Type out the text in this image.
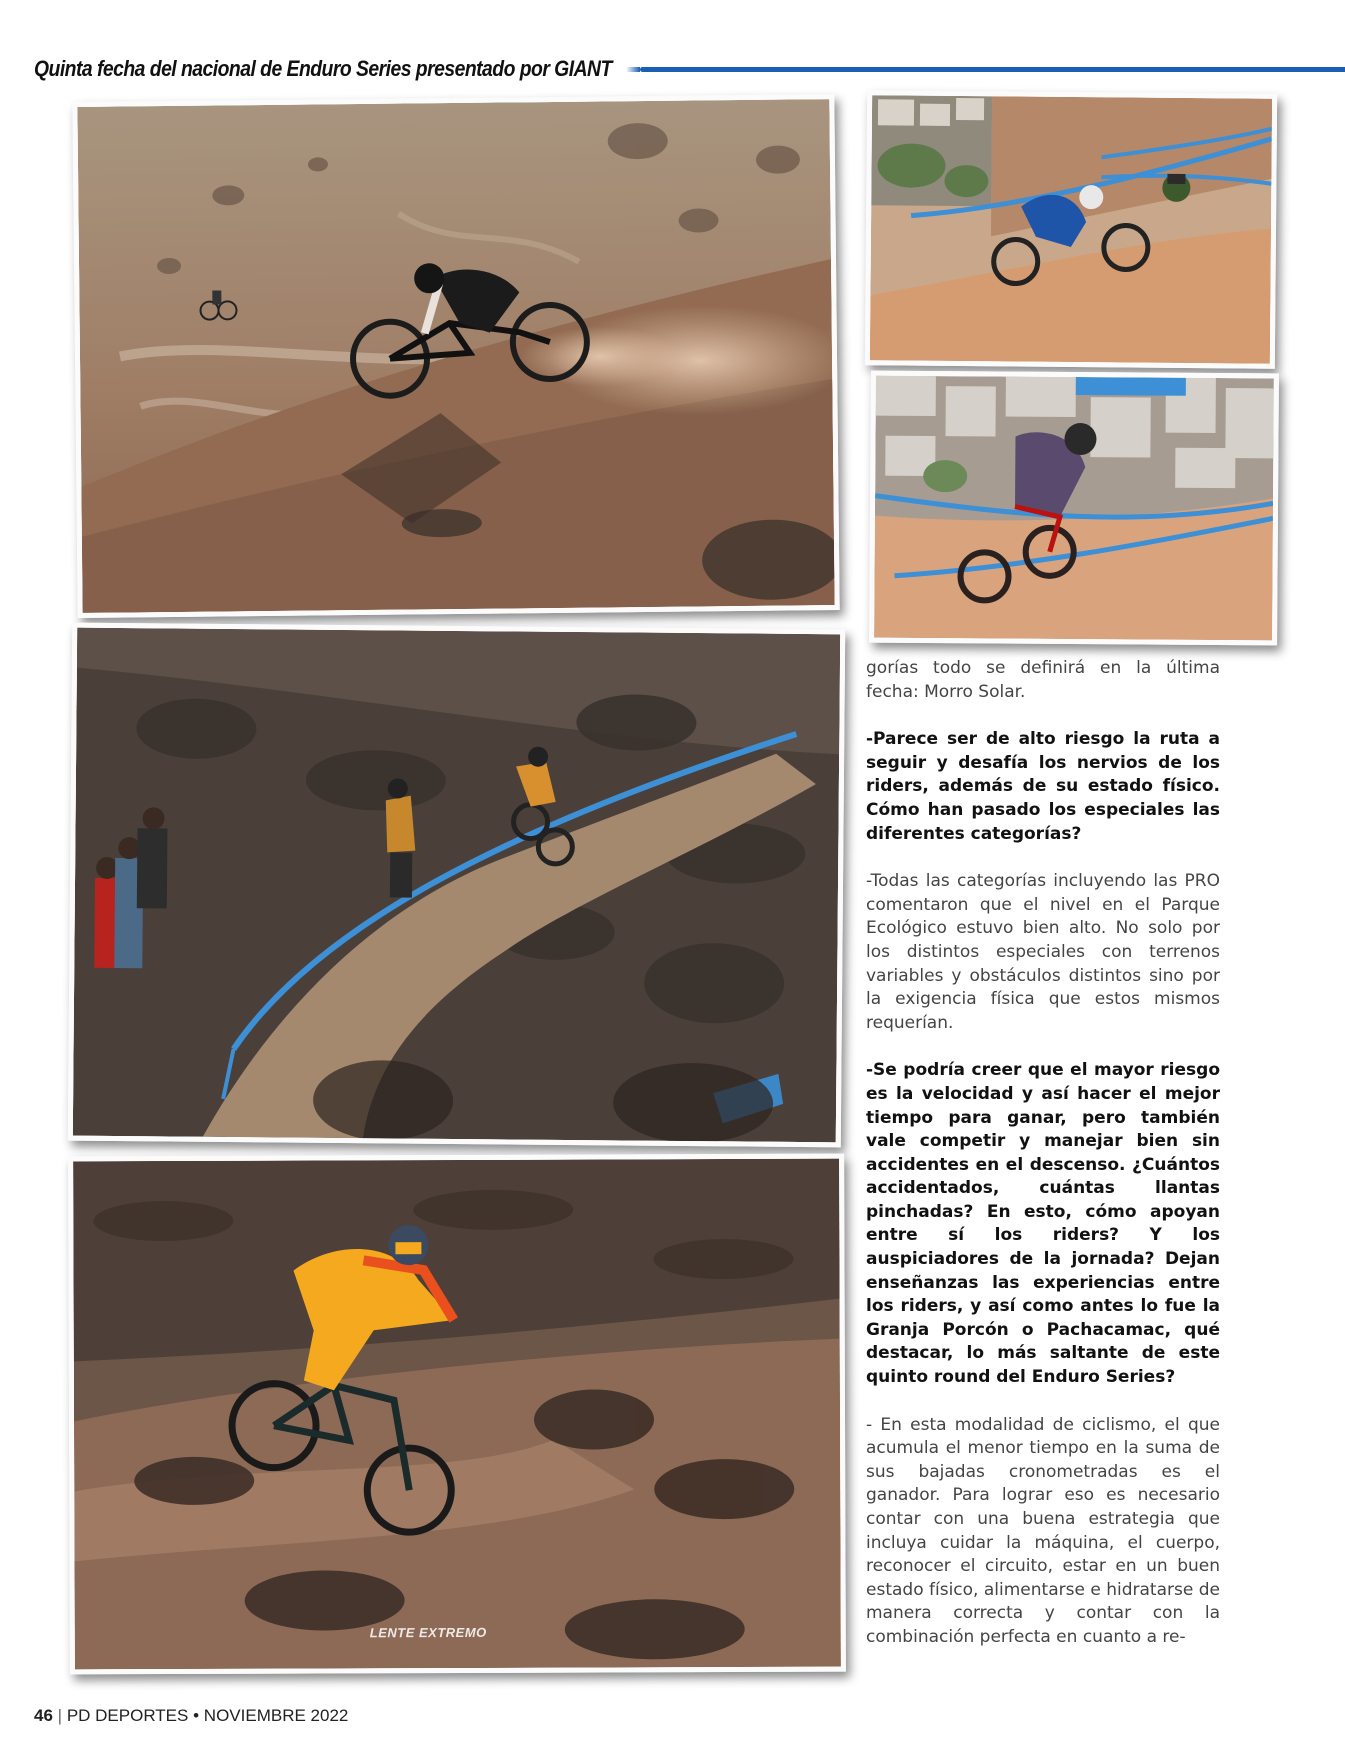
Quinta fecha del nacional de Enduro Series presentado por GIANT
LENTE EXTREMO

gorías todo se definirá en la última fecha: Morro Solar.

-Parece ser de alto riesgo la ruta a seguir y desafía los nervios de los riders, además de su estado físico. Cómo han pasado los especiales las diferentes categorías?

-Todas las categorías incluyendo las PRO comentaron que el nivel en el Parque Ecológico estuvo bien alto. No solo por los distintos especiales con terrenos variables y obstáculos distintos sino por la exigencia física que estos mismos requerían.

-Se podría creer que el mayor riesgo es la velocidad y así hacer el mejor tiempo para ganar, pero también vale competir y manejar bien sin accidentes en el descenso. ¿Cuántos accidentados, cuántas llantas pinchadas? En esto, cómo apoyan entre sí los riders? Y los auspiciadores de la jornada? Dejan enseñanzas las experiencias entre los riders, y así como antes lo fue la Granja Porcón o Pachacamac, qué destacar, lo más saltante de este quinto round del Enduro Series?

- En esta modalidad de ciclismo, el que acumula el menor tiempo en la suma de sus bajadas cronometradas es el ganador. Para lograr eso es necesario contar con una buena estrategia que incluya cuidar la máquina, el cuerpo, reconocer el circuito, estar en un buen estado físico, alimentarse e hidratarse de manera correcta y contar con la combinación perfecta en cuanto a re-

46 | PD DEPORTES • NOVIEMBRE 2022
